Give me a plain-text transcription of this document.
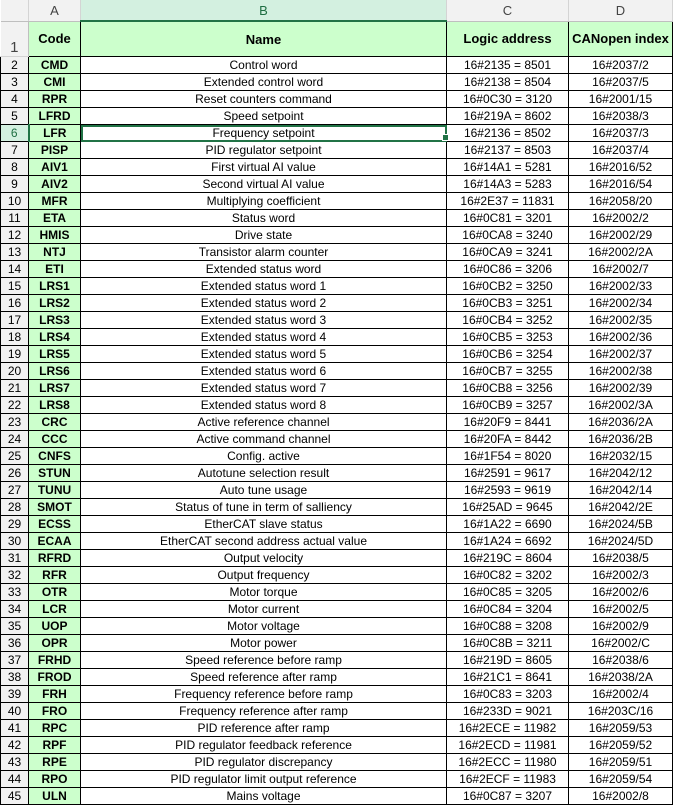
	A	B	C	D
1	Code	Name	Logic address	CANopen index
2	CMD	Control word	16#2135 = 8501	16#2037/2
3	CMI	Extended control word	16#2138 = 8504	16#2037/5
4	RPR	Reset counters command	16#0C30 = 3120	16#2001/15
5	LFRD	Speed setpoint	16#219A = 8602	16#2038/3
6	LFR	Frequency setpoint	16#2136 = 8502	16#2037/3
7	PISP	PID regulator setpoint	16#2137 = 8503	16#2037/4
8	AIV1	First virtual AI value	16#14A1 = 5281	16#2016/52
9	AIV2	Second virtual AI value	16#14A3 = 5283	16#2016/54
10	MFR	Multiplying coefficient	16#2E37 = 11831	16#2058/20
11	ETA	Status word	16#0C81 = 3201	16#2002/2
12	HMIS	Drive state	16#0CA8 = 3240	16#2002/29
13	NTJ	Transistor alarm counter	16#0CA9 = 3241	16#2002/2A
14	ETI	Extended status word	16#0C86 = 3206	16#2002/7
15	LRS1	Extended status word 1	16#0CB2 = 3250	16#2002/33
16	LRS2	Extended status word 2	16#0CB3 = 3251	16#2002/34
17	LRS3	Extended status word 3	16#0CB4 = 3252	16#2002/35
18	LRS4	Extended status word 4	16#0CB5 = 3253	16#2002/36
19	LRS5	Extended status word 5	16#0CB6 = 3254	16#2002/37
20	LRS6	Extended status word 6	16#0CB7 = 3255	16#2002/38
21	LRS7	Extended status word 7	16#0CB8 = 3256	16#2002/39
22	LRS8	Extended status word 8	16#0CB9 = 3257	16#2002/3A
23	CRC	Active reference channel	16#20F9 = 8441	16#2036/2A
24	CCC	Active command channel	16#20FA = 8442	16#2036/2B
25	CNFS	Config. active	16#1F54 = 8020	16#2032/15
26	STUN	Autotune selection result	16#2591 = 9617	16#2042/12
27	TUNU	Auto tune usage	16#2593 = 9619	16#2042/14
28	SMOT	Status of tune in term of salliency	16#25AD = 9645	16#2042/2E
29	ECSS	EtherCAT slave status	16#1A22 = 6690	16#2024/5B
30	ECAA	EtherCAT second address actual value	16#1A24 = 6692	16#2024/5D
31	RFRD	Output velocity	16#219C = 8604	16#2038/5
32	RFR	Output frequency	16#0C82 = 3202	16#2002/3
33	OTR	Motor torque	16#0C85 = 3205	16#2002/6
34	LCR	Motor current	16#0C84 = 3204	16#2002/5
35	UOP	Motor voltage	16#0C88 = 3208	16#2002/9
36	OPR	Motor power	16#0C8B = 3211	16#2002/C
37	FRHD	Speed reference before ramp	16#219D = 8605	16#2038/6
38	FROD	Speed reference after ramp	16#21C1 = 8641	16#2038/2A
39	FRH	Frequency reference before ramp	16#0C83 = 3203	16#2002/4
40	FRO	Frequency reference after ramp	16#233D = 9021	16#203C/16
41	RPC	PID reference after ramp	16#2ECE = 11982	16#2059/53
42	RPF	PID regulator feedback reference	16#2ECD = 11981	16#2059/52
43	RPE	PID regulator discrepancy	16#2ECC = 11980	16#2059/51
44	RPO	PID regulator limit output reference	16#2ECF = 11983	16#2059/54
45	ULN	Mains voltage	16#0C87 = 3207	16#2002/8
